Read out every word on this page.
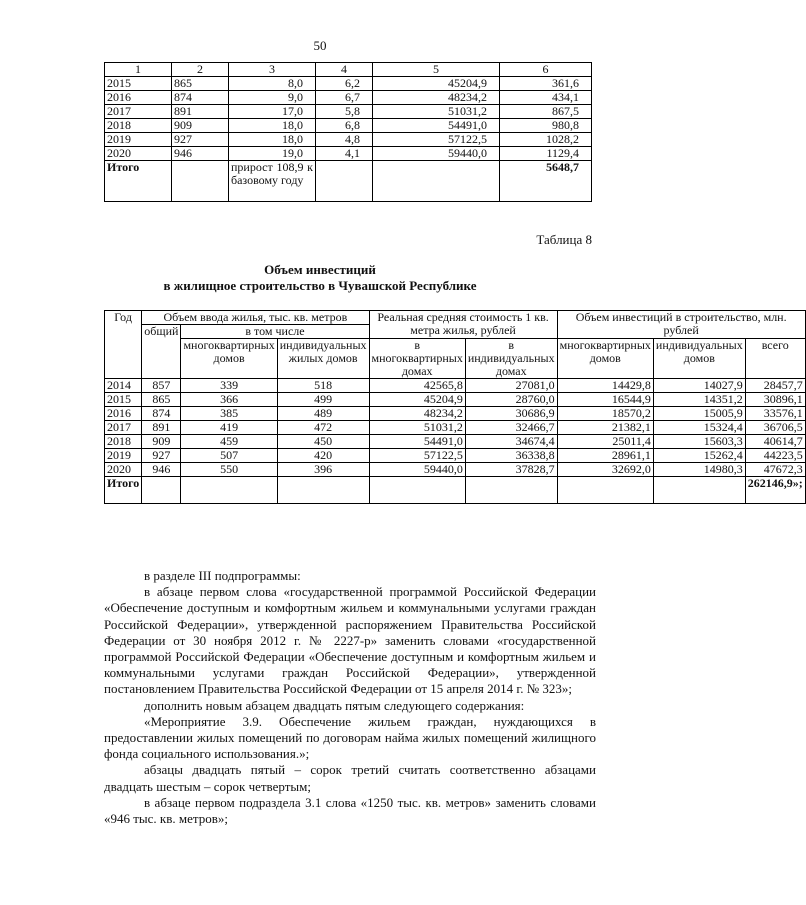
50
1	2	3	4	5	6
2015	865	8,0	6,2	45204,9	361,6
2016	874	9,0	6,7	48234,2	434,1
2017	891	17,0	5,8	51031,2	867,5
2018	909	18,0	6,8	54491,0	980,8
2019	927	18,0	4,8	57122,5	1028,2
2020	946	19,0	4,1	59440,0	1129,4
Итого		прирост 108,9 к базовому году			5648,7
Таблица 8
Объем инвестиций
в жилищное строительство в Чувашской Республике
Год	Объем ввода жилья, тыс. кв. метров			Реальная средняя стоимость 1 кв. метра жилья, рублей		Объем инвестиций в строительство, млн. рублей		
	общий	в том числе						
		многоквартирных домов	индивидуальных жилых домов	в многоквартирных домах	в индивидуальных домах	многоквартирных домов	индивидуальных домов	всего
2014	857	339	518	42565,8	27081,0	14429,8	14027,9	28457,7
2015	865	366	499	45204,9	28760,0	16544,9	14351,2	30896,1
2016	874	385	489	48234,2	30686,9	18570,2	15005,9	33576,1
2017	891	419	472	51031,2	32466,7	21382,1	15324,4	36706,5
2018	909	459	450	54491,0	34674,4	25011,4	15603,3	40614,7
2019	927	507	420	57122,5	36338,8	28961,1	15262,4	44223,5
2020	946	550	396	59440,0	37828,7	32692,0	14980,3	47672,3
Итого								262146,9»;

в разделе III подпрограммы:

в абзаце первом слова «государственной программой Российской Федерации «Обеспечение доступным и комфортным жильем и коммунальными услугами граждан Российской Федерации», утвержденной распоряжением Правительства Российской Федерации от 30 ноября 2012 г. № 2227-р» заменить словами «государственной программой Российской Федерации «Обеспечение доступным и комфортным жильем и коммунальными услугами граждан Российской Федерации», утвержденной постановлением Правительства Российской Федерации от 15 апреля 2014 г. № 323»;

дополнить новым абзацем двадцать пятым следующего содержания:

«Мероприятие 3.9. Обеспечение жильем граждан, нуждающихся в предоставлении жилых помещений по договорам найма жилых помещений жилищного фонда социального использования.»;

абзацы двадцать пятый – сорок третий считать соответственно абзацами двадцать шестым – сорок четвертым;

в абзаце первом подраздела 3.1 слова «1250 тыс. кв. метров» заменить словами «946 тыс. кв. метров»;
